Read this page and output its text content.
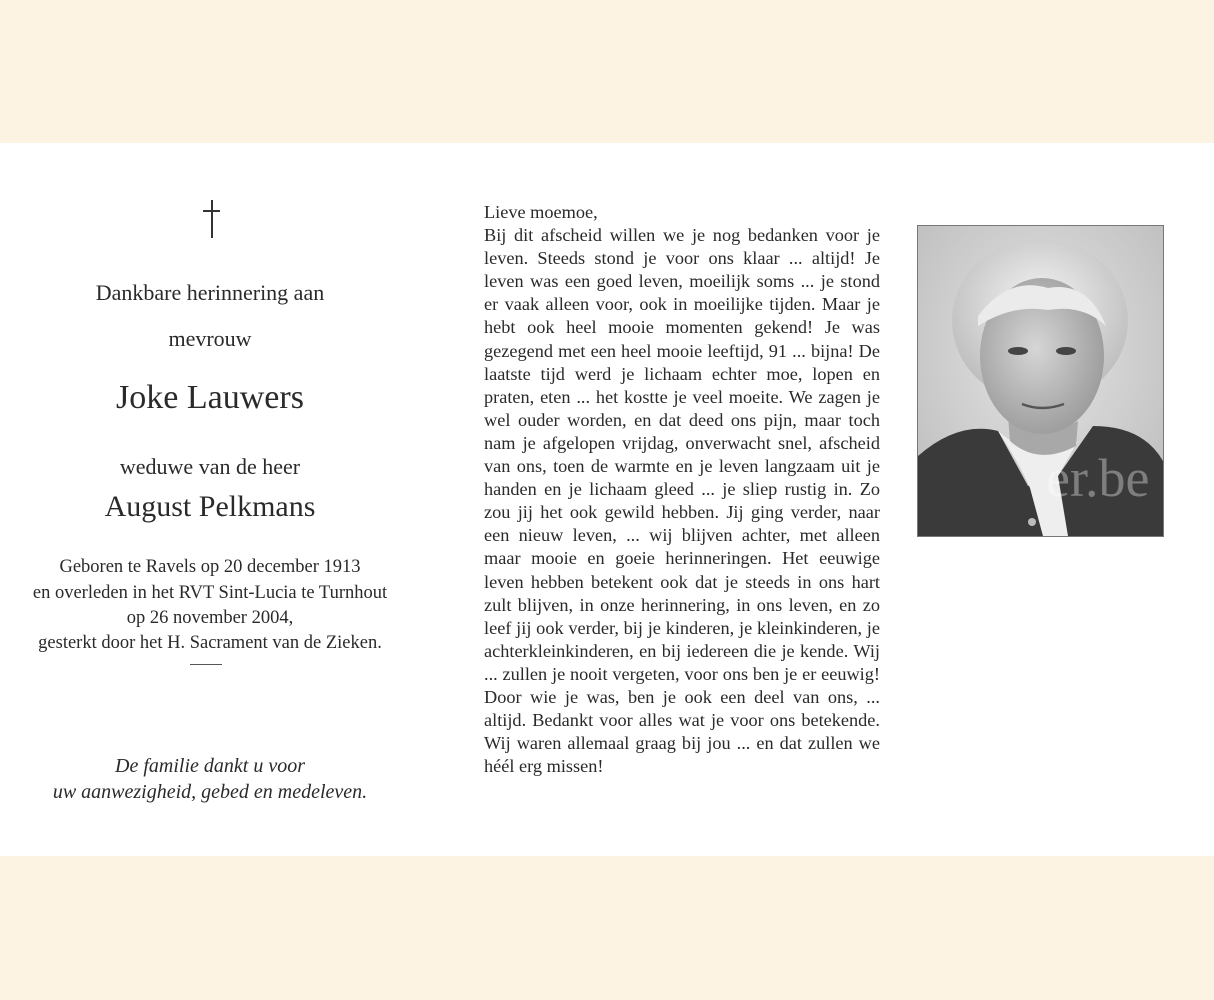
Dankbare herinnering aan
mevrouw
Joke Lauwers
weduwe van de heer
August Pelkmans
Geboren te Ravels op 20 december 1913
en overleden in het RVT Sint-Lucia te Turnhout
op 26 november 2004,
gesterkt door het H. Sacrament van de Zieken.
De familie dankt u voor
uw aanwezigheid, gebed en medeleven.
Lieve moemoe,
Bij dit afscheid willen we je nog bedanken voor je leven. Steeds stond je voor ons klaar ... altijd! Je leven was een goed leven, moeilijk soms ... je stond er vaak alleen voor, ook in moeilijke tijden. Maar je hebt ook heel mooie momenten gekend! Je was gezegend met een heel mooie leeftijd, 91 ... bijna! De laatste tijd werd je lichaam echter moe, lopen en praten, eten ... het kostte je veel moeite. We zagen je wel ouder worden, en dat deed ons pijn, maar toch nam je afgelopen vrijdag, onverwacht snel, afscheid van ons, toen de warmte en je leven langzaam uit je handen en je lichaam gleed ... je sliep rustig in. Zo zou jij het ook gewild hebben. Jij ging verder, naar een nieuw leven, ... wij blijven achter, met alleen maar mooie en goeie herinneringen. Het eeuwige leven hebben betekent ook dat je steeds in ons hart zult blijven, in onze herinnering, in ons leven, en zo leef jij ook verder, bij je kinderen, je kleinkinderen, je achterkleinkinderen, en bij iedereen die je kende. Wij ... zullen je nooit vergeten, voor ons ben je er eeuwig! Door wie je was, ben je ook een deel van ons, ... altijd. Bedankt voor alles wat je voor ons betekende. Wij waren allemaal graag bij jou ... en dat zullen we héél erg missen!
er.be
